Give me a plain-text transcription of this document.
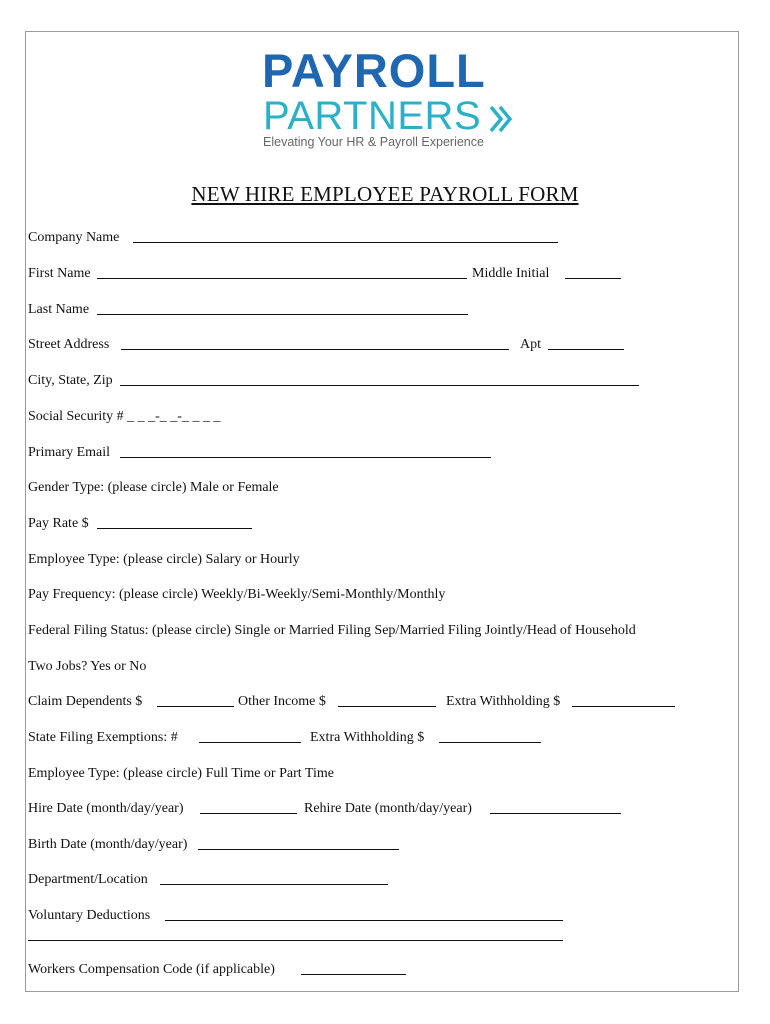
PAYROLL
PARTNERS
Elevating Your HR & Payroll Experience
NEW HIRE EMPLOYEE PAYROLL FORM
Company Name
First Name	Middle Initial
Last Name
Street Address	Apt
City, State, Zip
Social Security # _ _ _-_ _-_ _ _ _
Primary Email
Gender Type: (please circle) Male or Female
Pay Rate $
Employee Type: (please circle) Salary or Hourly
Pay Frequency: (please circle) Weekly/Bi-Weekly/Semi-Monthly/Monthly
Federal Filing Status: (please circle) Single or Married Filing Sep/Married Filing Jointly/Head of Household
Two Jobs? Yes or No
Claim Dependents $	Other Income $	Extra Withholding $
State Filing Exemptions: #	Extra Withholding $
Employee Type: (please circle) Full Time or Part Time
Hire Date (month/day/year)	Rehire Date (month/day/year)
Birth Date (month/day/year)
Department/Location
Voluntary Deductions
Workers Compensation Code (if applicable)
